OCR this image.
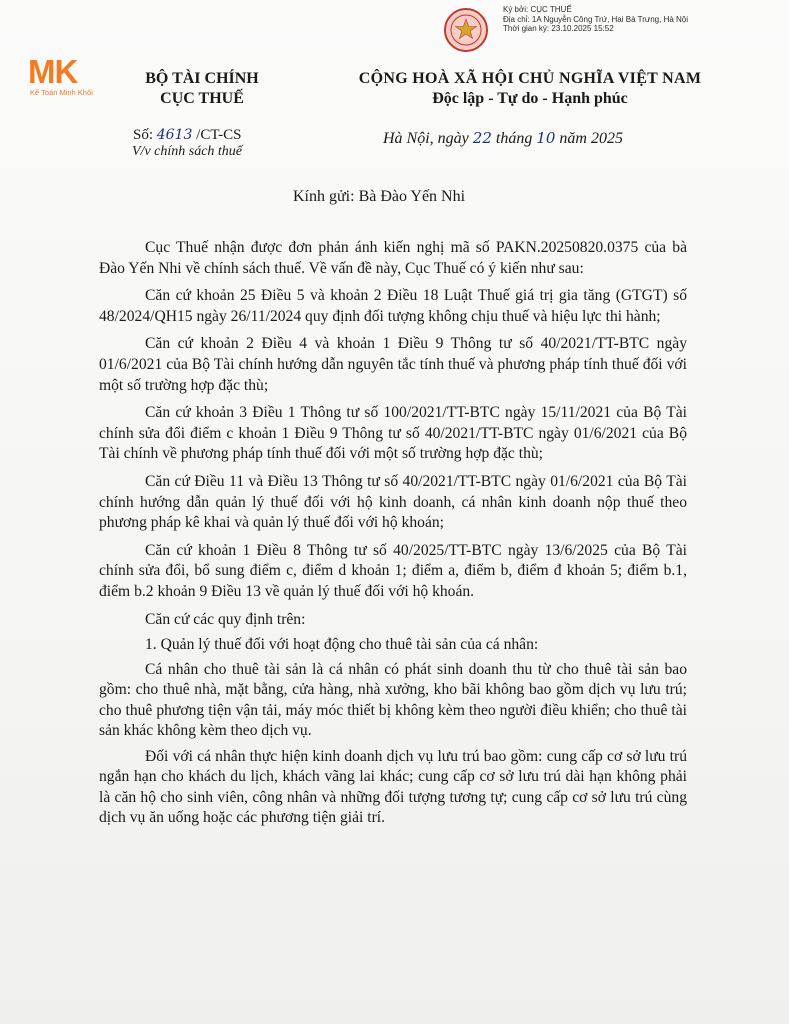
Ký bởi: CỤC THUẾ
Địa chỉ: 1A Nguyễn Công Trứ, Hai Bà Trưng, Hà Nội
Thời gian ký: 23.10.2025 15:52
MK
Kế Toán Minh Khôi
BỘ TÀI CHÍNH
CỤC THUẾ
CỘNG HOÀ XÃ HỘI CHỦ NGHĨA VIỆT NAM
Độc lập - Tự do - Hạnh phúc
Số: 4613 /CT-CS
V/v chính sách thuế
Hà Nội, ngày 22 tháng 10 năm 2025
Kính gửi: Bà Đào Yến Nhi

Cục Thuế nhận được đơn phản ánh kiến nghị mã số PAKN.20250820.0375 của bà Đào Yến Nhi về chính sách thuế. Về vấn đề này, Cục Thuế có ý kiến như sau:

Căn cứ khoản 25 Điều 5 và khoản 2 Điều 18 Luật Thuế giá trị gia tăng (GTGT) số 48/2024/QH15 ngày 26/11/2024 quy định đối tượng không chịu thuế và hiệu lực thi hành;

Căn cứ khoản 2 Điều 4 và khoản 1 Điều 9 Thông tư số 40/2021/TT-BTC ngày 01/6/2021 của Bộ Tài chính hướng dẫn nguyên tắc tính thuế và phương pháp tính thuế đối với một số trường hợp đặc thù;

Căn cứ khoản 3 Điều 1 Thông tư số 100/2021/TT-BTC ngày 15/11/2021 của Bộ Tài chính sửa đổi điểm c khoản 1 Điều 9 Thông tư số 40/2021/TT-BTC ngày 01/6/2021 của Bộ Tài chính về phương pháp tính thuế đối với một số trường hợp đặc thù;

Căn cứ Điều 11 và Điều 13 Thông tư số 40/2021/TT-BTC ngày 01/6/2021 của Bộ Tài chính hướng dẫn quản lý thuế đối với hộ kinh doanh, cá nhân kinh doanh nộp thuế theo phương pháp kê khai và quản lý thuế đối với hộ khoán;

Căn cứ khoản 1 Điều 8 Thông tư số 40/2025/TT-BTC ngày 13/6/2025 của Bộ Tài chính sửa đổi, bổ sung điểm c, điểm d khoản 1; điểm a, điểm b, điểm đ khoản 5; điểm b.1, điểm b.2 khoản 9 Điều 13 về quản lý thuế đối với hộ khoán.

Căn cứ các quy định trên:

1. Quản lý thuế đối với hoạt động cho thuê tài sản của cá nhân:

Cá nhân cho thuê tài sản là cá nhân có phát sinh doanh thu từ cho thuê tài sản bao gồm: cho thuê nhà, mặt bằng, cửa hàng, nhà xưởng, kho bãi không bao gồm dịch vụ lưu trú; cho thuê phương tiện vận tải, máy móc thiết bị không kèm theo người điều khiển; cho thuê tài sản khác không kèm theo dịch vụ.

Đối với cá nhân thực hiện kinh doanh dịch vụ lưu trú bao gồm: cung cấp cơ sở lưu trú ngắn hạn cho khách du lịch, khách vãng lai khác; cung cấp cơ sở lưu trú dài hạn không phải là căn hộ cho sinh viên, công nhân và những đối tượng tương tự; cung cấp cơ sở lưu trú cùng dịch vụ ăn uống hoặc các phương tiện giải trí.
